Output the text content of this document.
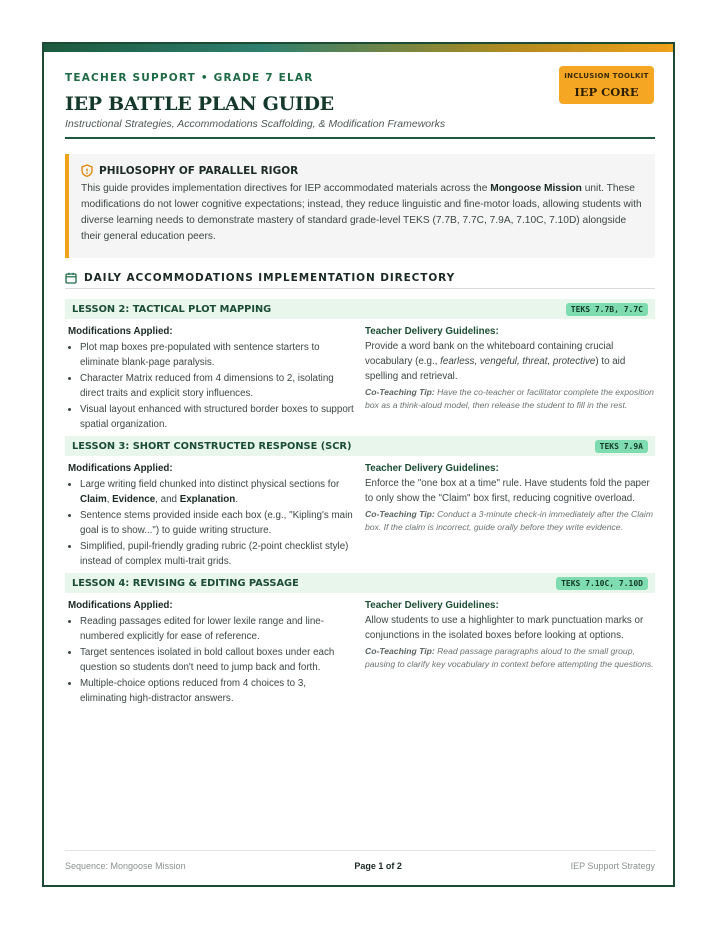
TEACHER SUPPORT • GRADE 7 ELAR
IEP BATTLE PLAN GUIDE
Instructional Strategies, Accommodations Scaffolding, & Modification Frameworks
INCLUSION TOOLKIT
IEP CORE
PHILOSOPHY OF PARALLEL RIGOR
This guide provides implementation directives for IEP accommodated materials across the Mongoose Mission unit. These modifications do not lower cognitive expectations; instead, they reduce linguistic and fine-motor loads, allowing students with diverse learning needs to demonstrate mastery of standard grade-level TEKS (7.7B, 7.7C, 7.9A, 7.10C, 7.10D) alongside their general education peers.
DAILY ACCOMMODATIONS IMPLEMENTATION DIRECTORY
LESSON 2: TACTICAL PLOT MAPPING	TEKS 7.7B, 7.7C
Modifications Applied:
• Plot map boxes pre-populated with sentence starters to eliminate blank-page paralysis.
• Character Matrix reduced from 4 dimensions to 2, isolating direct traits and explicit story influences.
• Visual layout enhanced with structured border boxes to support spatial organization.
Teacher Delivery Guidelines:
Provide a word bank on the whiteboard containing crucial vocabulary (e.g., fearless, vengeful, threat, protective) to aid spelling and retrieval.
Co-Teaching Tip: Have the co-teacher or facilitator complete the exposition box as a think-aloud model, then release the student to fill in the rest.
LESSON 3: SHORT CONSTRUCTED RESPONSE (SCR)	TEKS 7.9A
Modifications Applied:
• Large writing field chunked into distinct physical sections for Claim, Evidence, and Explanation.
• Sentence stems provided inside each box (e.g., "Kipling's main goal is to show...") to guide writing structure.
• Simplified, pupil-friendly grading rubric (2-point checklist style) instead of complex multi-trait grids.
Teacher Delivery Guidelines:
Enforce the "one box at a time" rule. Have students fold the paper to only show the "Claim" box first, reducing cognitive overload.
Co-Teaching Tip: Conduct a 3-minute check-in immediately after the Claim box. If the claim is incorrect, guide orally before they write evidence.
LESSON 4: REVISING & EDITING PASSAGE	TEKS 7.10C, 7.10D
Modifications Applied:
• Reading passages edited for lower lexile range and line-numbered explicitly for ease of reference.
• Target sentences isolated in bold callout boxes under each question so students don't need to jump back and forth.
• Multiple-choice options reduced from 4 choices to 3, eliminating high-distractor answers.
Teacher Delivery Guidelines:
Allow students to use a highlighter to mark punctuation marks or conjunctions in the isolated boxes before looking at options.
Co-Teaching Tip: Read passage paragraphs aloud to the small group, pausing to clarify key vocabulary in context before attempting the questions.
Sequence: Mongoose Mission	Page 1 of 2	IEP Support Strategy
